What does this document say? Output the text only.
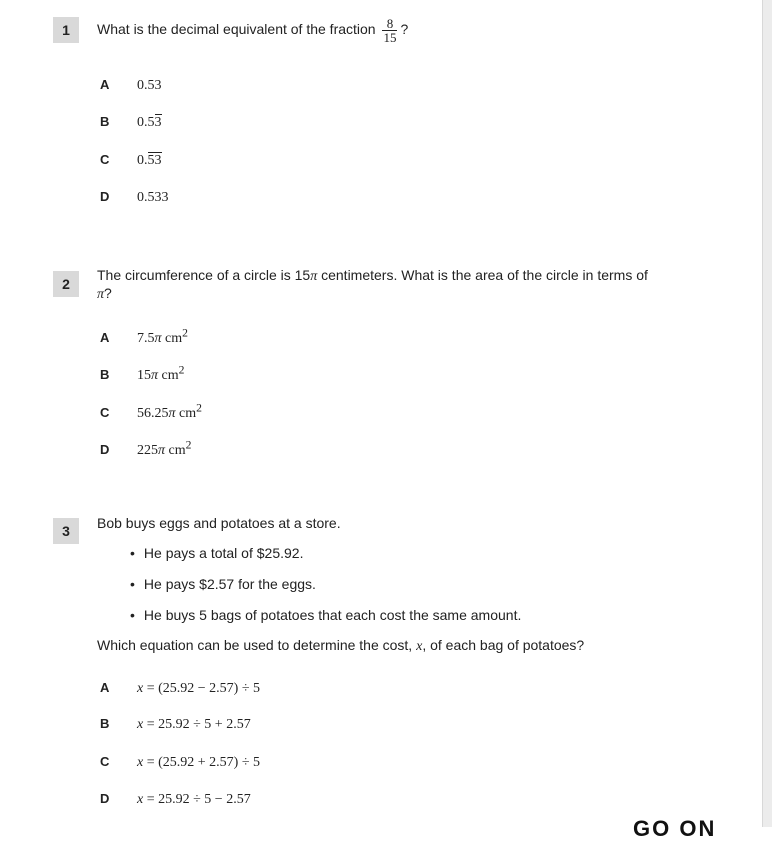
1	What is the decimal equivalent of the fraction $\frac{8}{15}$ ?
A 0.53
B 0.53
C 0.53
D 0.533
2
The circumference of a circle is 15π centimeters. What is the area of the circle in terms of π?
A 7.5π $cm^2$
B 15π $cm^2$
C 56.25π $cm^2$
D 225π $cm^2$
3	Bob buys eggs and potatoes at a store.
• He pays a total of $25.92.
• He pays $2.57 for the eggs.
• He buys 5 bags of potatoes that each cost the same amount.
Which equation can be used to determine the cost, x, of each bag of potatoes?
A x = (25.92 − 2.57) ÷ 5
B x = 25.92 ÷ 5 + 2.57
C x = (25.92 + 2.57) ÷ 5
D x = 25.92 ÷ 5 − 2.57
GO ON
